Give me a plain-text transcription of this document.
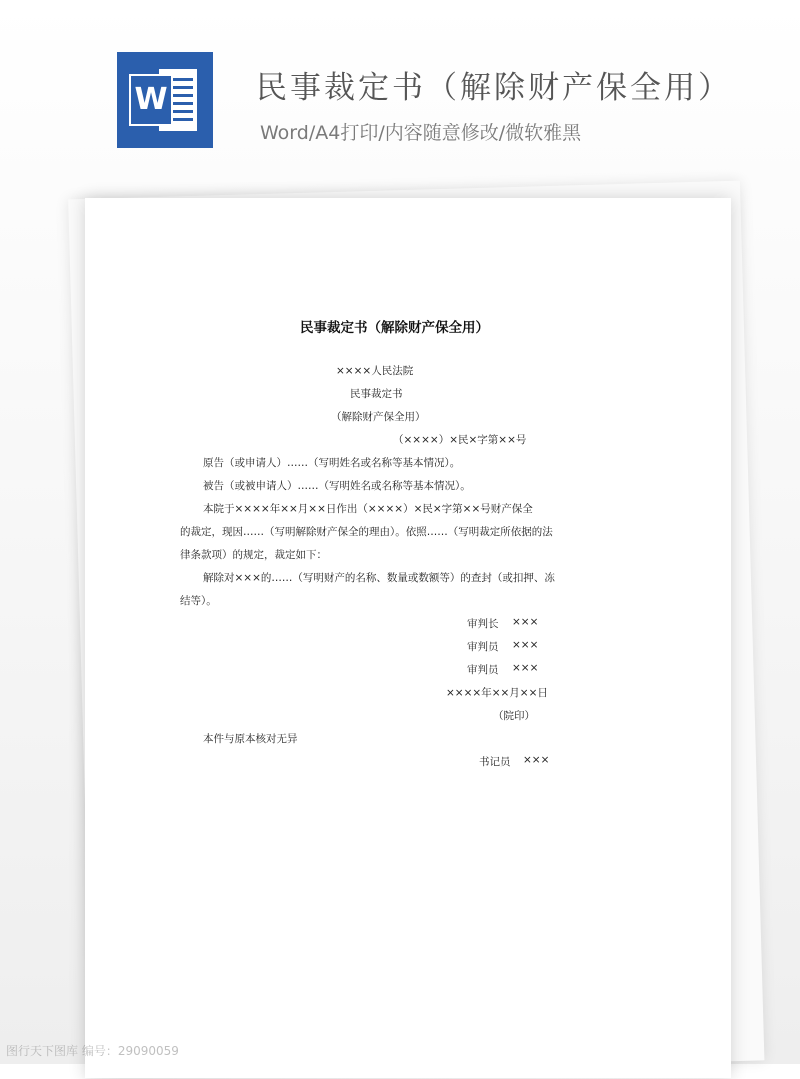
W	民事裁定书（解除财产保全用）
Word/A4打印/内容随意修改/微软雅黑
民事裁定书（解除财产保全用）
××××人民法院
民事裁定书
（解除财产保全用）
（××××）×民×字第××号
原告（或申请人）……（写明姓名或名称等基本情况）。
被告（或被申请人）……（写明姓名或名称等基本情况）。
本院于××××年××月××日作出（××××）×民×字第××号财产保全
的裁定，现因……（写明解除财产保全的理由）。依照……（写明裁定所依据的法
律条款项）的规定，裁定如下：
解除对×××的……（写明财产的名称、数量或数额等）的查封（或扣押、冻
结等）。
审判长 ×××
审判员 ×××
审判员 ×××
××××年××月××日
（院印）
本件与原本核对无异
书记员 ×××
图行天下图库 编号：29090059
